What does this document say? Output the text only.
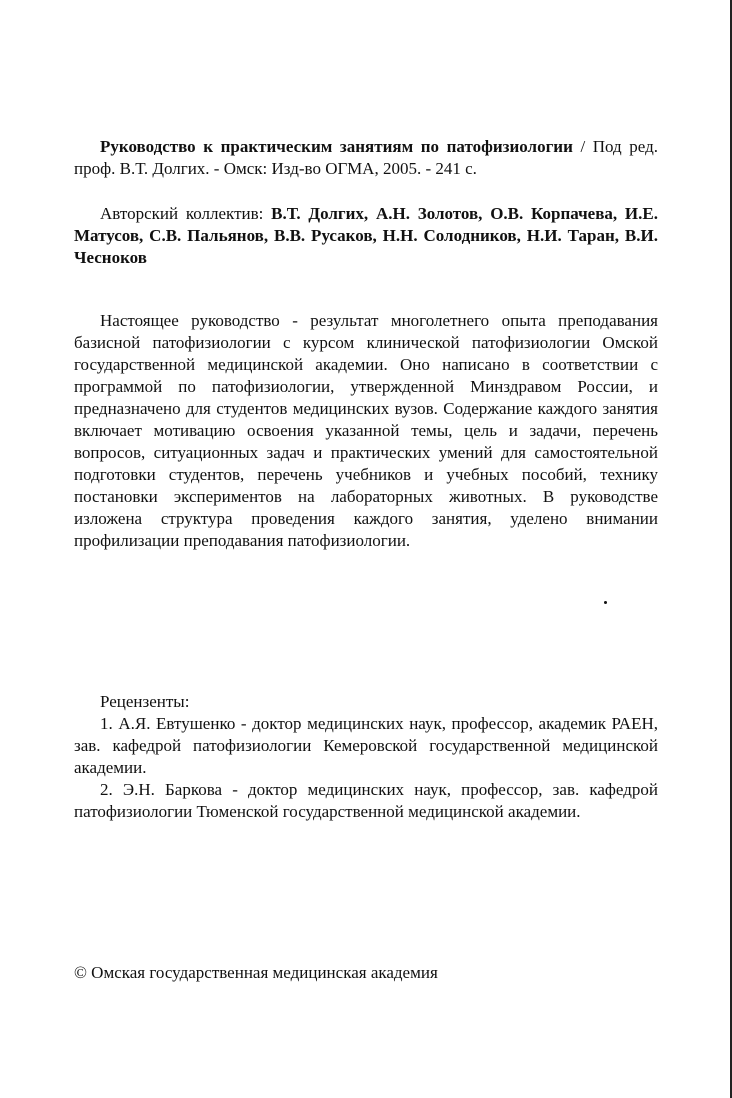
Руководство к практическим занятиям по патофизиологии / Под ред. проф. В.Т. Долгих. - Омск: Изд-во ОГМА, 2005. - 241 с.
Авторский коллектив: В.Т. Долгих, А.Н. Золотов, О.В. Корпачева, И.Е. Матусов, С.В. Пальянов, В.В. Русаков, Н.Н. Солодников, Н.И. Таран, В.И. Чесноков
Настоящее руководство - результат многолетнего опыта преподавания базисной патофизиологии с курсом клинической патофизиологии Омской государственной медицинской академии. Оно написано в соответствии с программой по патофизиологии, утвержденной Минздравом России, и предназначено для студентов медицинских вузов. Содержание каждого занятия включает мотивацию освоения указанной темы, цель и задачи, перечень вопросов, ситуационных задач и практических умений для самостоятельной подготовки студентов, перечень учебников и учебных пособий, технику постановки экспериментов на лабораторных животных. В руководстве изложена структура проведения каждого занятия, уделено внимании профилизации преподавания патофизиологии.

Рецензенты:

1. А.Я. Евтушенко - доктор медицинских наук, профессор, академик РАЕН, зав. кафедрой патофизиологии Кемеровской государственной медицинской академии.

2. Э.Н. Баркова - доктор медицинских наук, профессор, зав. кафедрой патофизиологии Тюменской государственной медицинской академии.

© Омская государственная медицинская академия
